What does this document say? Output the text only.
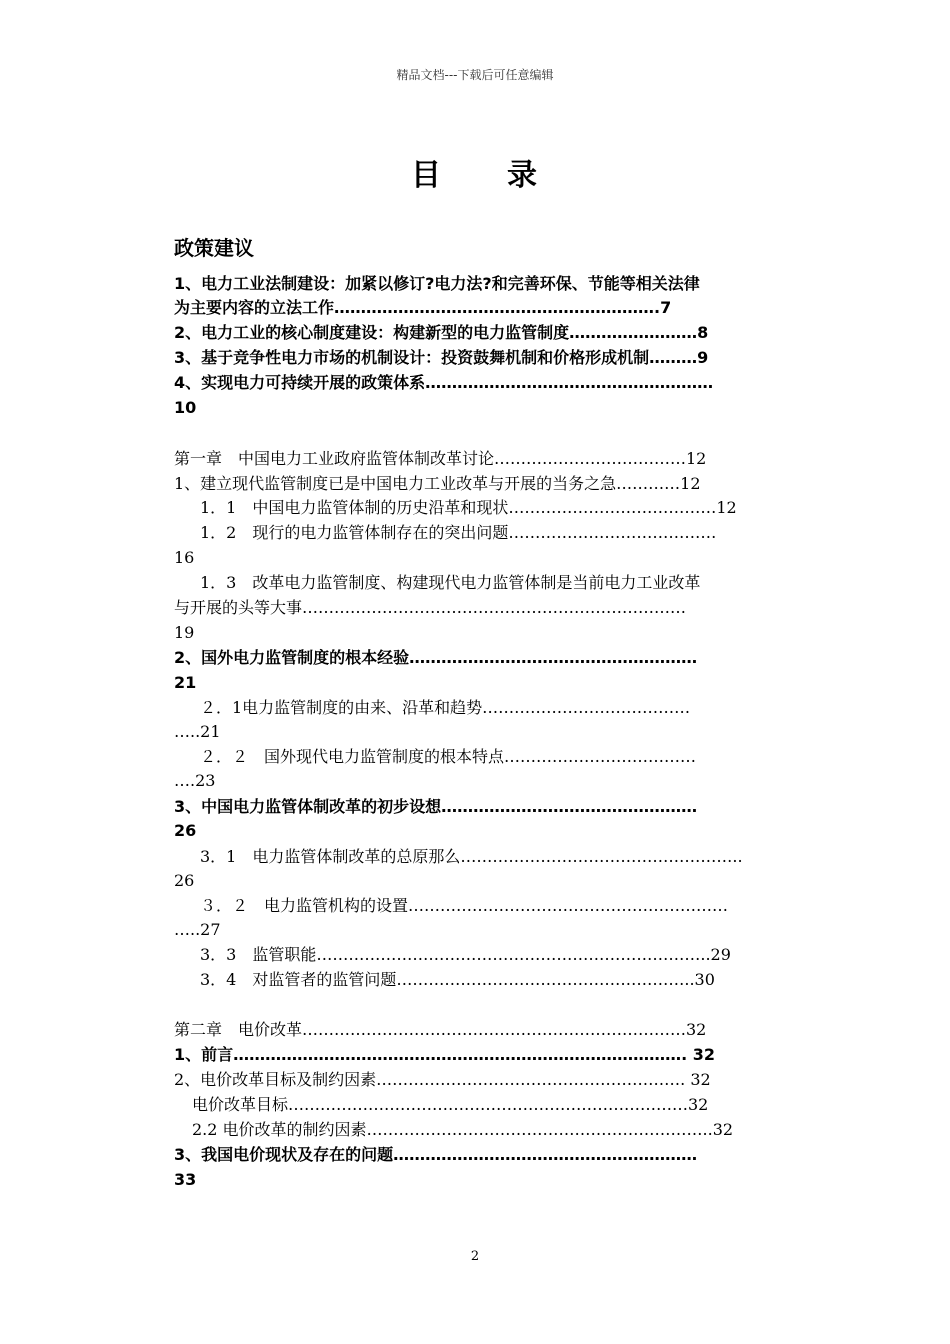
精品文档---下载后可任意编辑
目 录
政策建议
1、电力工业法制建设：加紧以修订?电力法?和完善环保、节能等相关法律
为主要内容的立法工作…………………………………………………….7
2、电力工业的核心制度建设：构建新型的电力监管制度……………………8
3、基于竞争性电力市场的机制设计：投资鼓舞机制和价格形成机制………9
4、实现电力可持续开展的政策体系………………………………………………
10
第一章　中国电力工业政府监管体制改革讨论………………………………12
1、建立现代监管制度已是中国电力工业改革与开展的当务之急…………12
1．1　中国电力监管体制的历史沿革和现状…………………………………12
1．2　现行的电力监管体制存在的突出问题…………………………………
16
1．3　改革电力监管制度、构建现代电力监管体制是当前电力工业改革
与开展的头等大事………………………………………………………………
19
2、国外电力监管制度的根本经验………………………………………………
21
２．1电力监管制度的由来、沿革和趋势…………………………………
…..21
２．２　国外现代电力监管制度的根本特点………………………………
….23
3、中国电力监管体制改革的初步设想…………………………………………
26
3．1　电力监管体制改革的总原那么……………………………………………..
26
３．２　电力监管机构的设置……………………………………………………
…..27
3．3　监管职能………………………………………………………………..29
3．4　对监管者的监管问题………………………………………………..30
第二章　电价改革………………………………………………………………32
1、前言…………………………………………………………………………. 32
2、电价改革目标及制约因素…………………………………………………. 32
电价改革目标…………………………………………………………………32
2.2 电价改革的制约因素………………………………………………………..32
3、我国电价现状及存在的问题…………………………………………………
33
2
